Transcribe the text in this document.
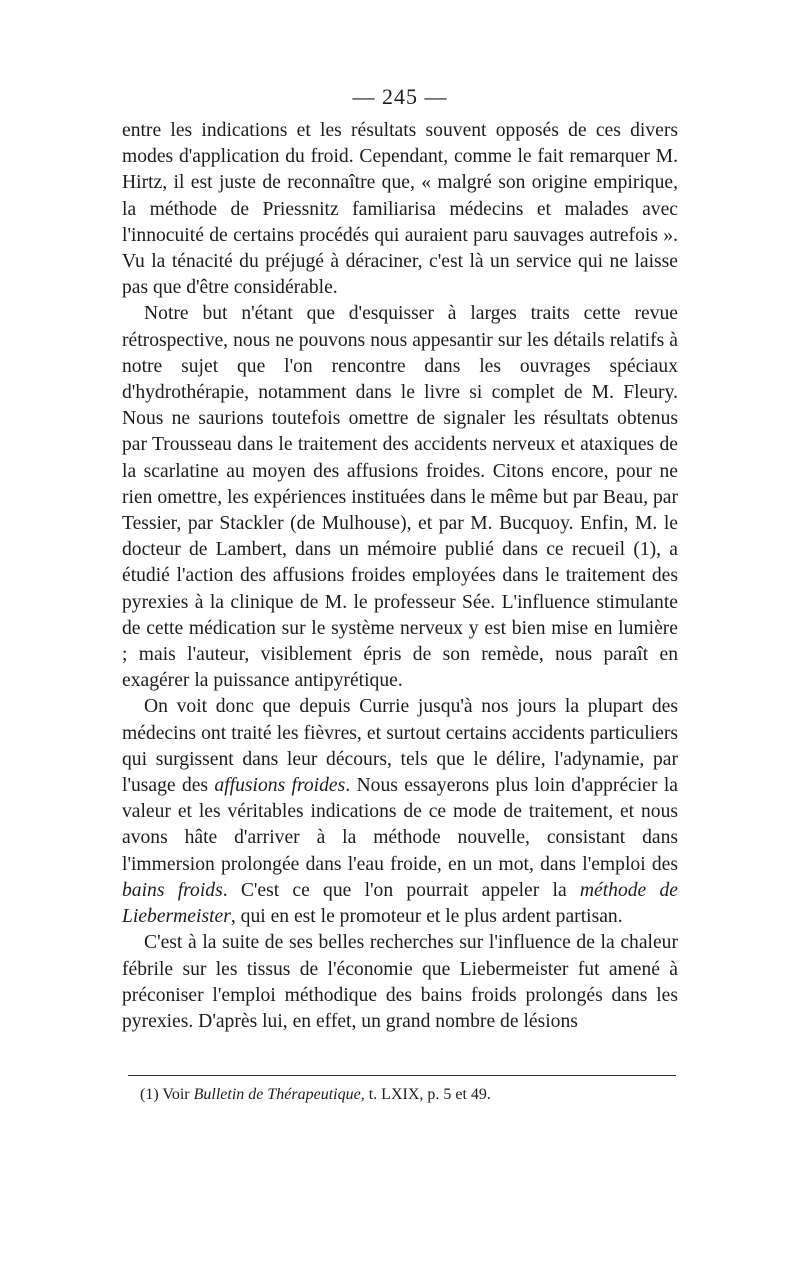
— 245 —

entre les indications et les résultats souvent opposés de ces divers modes d'application du froid. Cependant, comme le fait remarquer M. Hirtz, il est juste de reconnaître que, « malgré son origine empirique, la méthode de Priessnitz familiarisa médecins et malades avec l'innocuité de certains procédés qui auraient paru sauvages autrefois ». Vu la ténacité du préjugé à déraciner, c'est là un service qui ne laisse pas que d'être considérable.

Notre but n'étant que d'esquisser à larges traits cette revue rétrospective, nous ne pouvons nous appesantir sur les détails relatifs à notre sujet que l'on rencontre dans les ouvrages spéciaux d'hydrothérapie, notamment dans le livre si complet de M. Fleury. Nous ne saurions toutefois omettre de signaler les résultats obtenus par Trousseau dans le traitement des accidents nerveux et ataxiques de la scarlatine au moyen des affusions froides. Citons encore, pour ne rien omettre, les expériences instituées dans le même but par Beau, par Tessier, par Stackler (de Mulhouse), et par M. Bucquoy. Enfin, M. le docteur de Lambert, dans un mémoire publié dans ce recueil (1), a étudié l'action des affusions froides employées dans le traitement des pyrexies à la clinique de M. le professeur Sée. L'influence stimulante de cette médication sur le système nerveux y est bien mise en lumière ; mais l'auteur, visiblement épris de son remède, nous paraît en exagérer la puissance antipyrétique.

On voit donc que depuis Currie jusqu'à nos jours la plupart des médecins ont traité les fièvres, et surtout certains accidents particuliers qui surgissent dans leur décours, tels que le délire, l'adynamie, par l'usage des affusions froides. Nous essayerons plus loin d'apprécier la valeur et les véritables indications de ce mode de traitement, et nous avons hâte d'arriver à la méthode nouvelle, consistant dans l'immersion prolongée dans l'eau froide, en un mot, dans l'emploi des bains froids. C'est ce que l'on pourrait appeler la méthode de Liebermeister, qui en est le promoteur et le plus ardent partisan.

C'est à la suite de ses belles recherches sur l'influence de la chaleur fébrile sur les tissus de l'économie que Liebermeister fut amené à préconiser l'emploi méthodique des bains froids prolongés dans les pyrexies. D'après lui, en effet, un grand nombre de lésions

(1) Voir Bulletin de Thérapeutique, t. LXIX, p. 5 et 49.
